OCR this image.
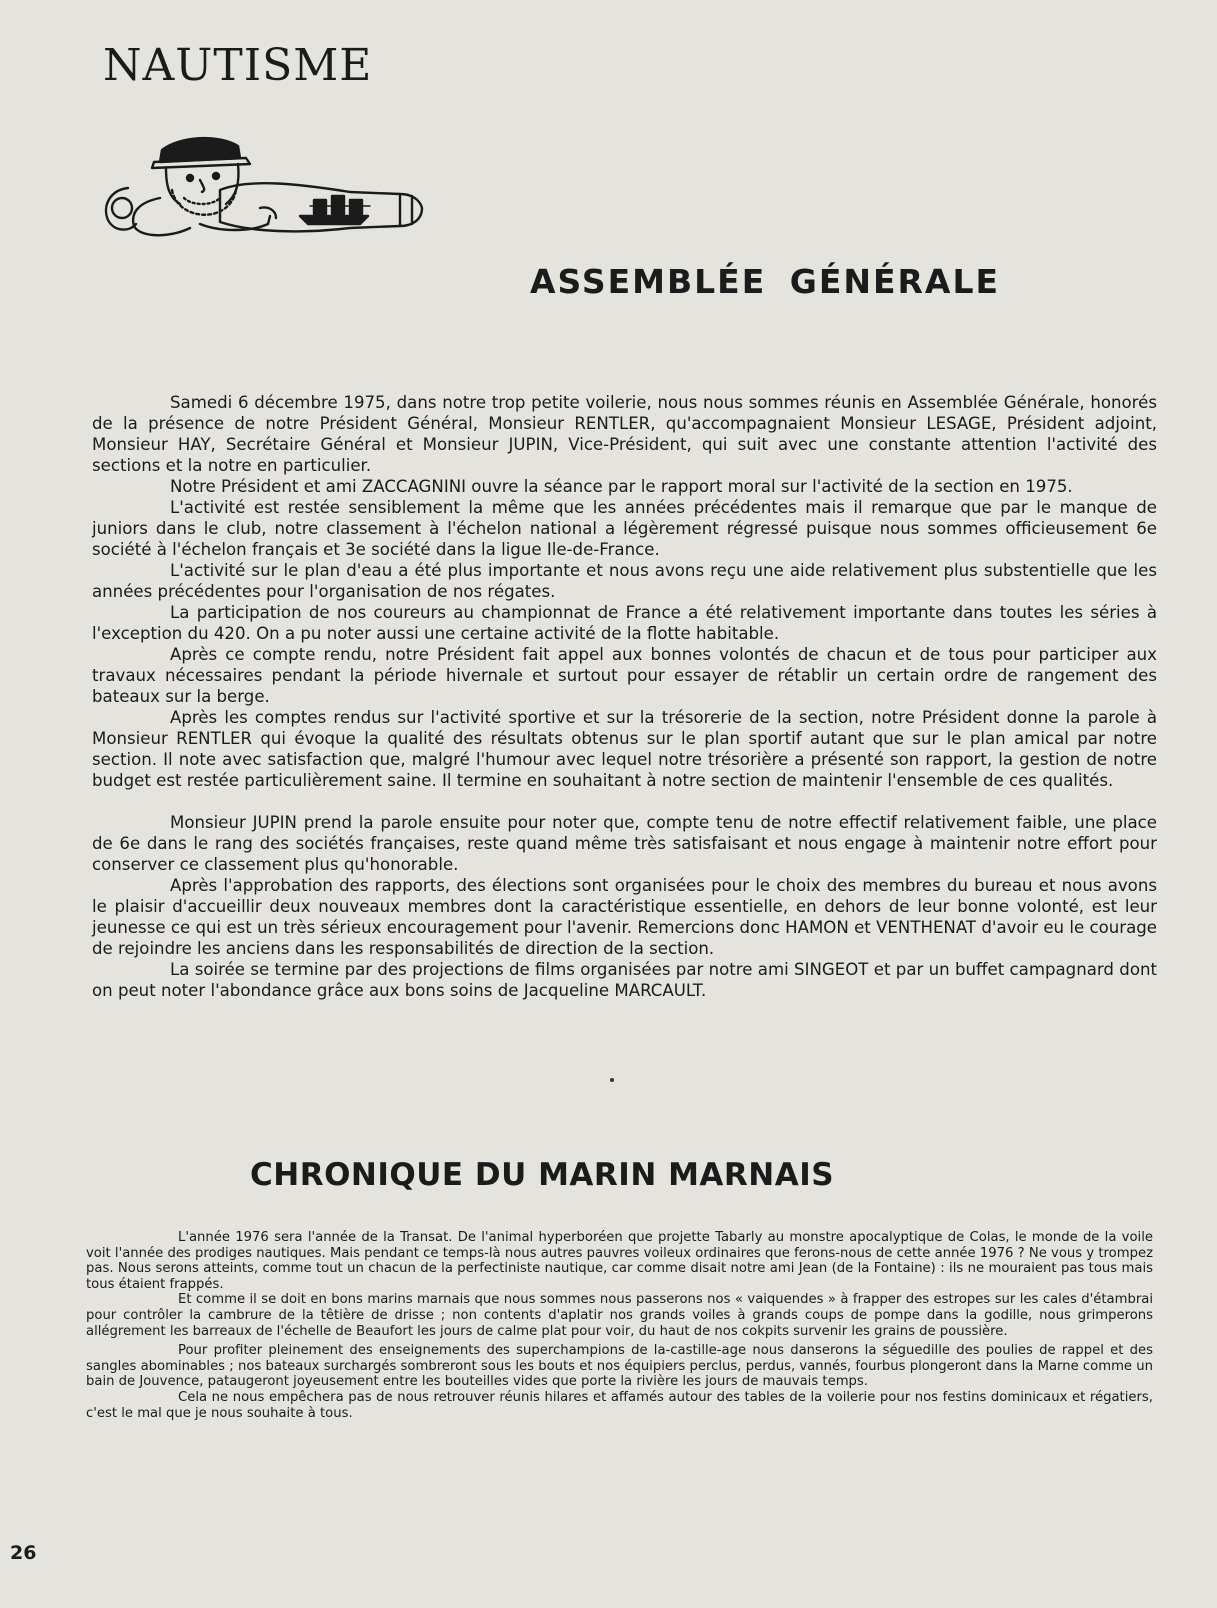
NAUTISME
ASSEMBLÉE GÉNÉRALE

Samedi 6 décembre 1975, dans notre trop petite voilerie, nous nous sommes réunis en Assemblée Générale, honorés de la présence de notre Président Général, Monsieur RENTLER, qu'accompagnaient Monsieur LESAGE, Président adjoint, Monsieur HAY, Secrétaire Général et Monsieur JUPIN, Vice-Président, qui suit avec une constante attention l'activité des sections et la notre en particulier.

Notre Président et ami ZACCAGNINI ouvre la séance par le rapport moral sur l'activité de la section en 1975.

L'activité est restée sensiblement la même que les années précédentes mais il remarque que par le manque de juniors dans le club, notre classement à l'échelon national a légèrement régressé puisque nous sommes officieusement 6e société à l'échelon français et 3e société dans la ligue Ile-de-France.

L'activité sur le plan d'eau a été plus importante et nous avons reçu une aide relativement plus substentielle que les années précédentes pour l'organisation de nos régates.

La participation de nos coureurs au championnat de France a été relativement importante dans toutes les séries à l'exception du 420. On a pu noter aussi une certaine activité de la flotte habitable.

Après ce compte rendu, notre Président fait appel aux bonnes volontés de chacun et de tous pour participer aux travaux nécessaires pendant la période hivernale et surtout pour essayer de rétablir un certain ordre de rangement des bateaux sur la berge.

Après les comptes rendus sur l'activité sportive et sur la trésorerie de la section, notre Président donne la parole à Monsieur RENTLER qui évoque la qualité des résultats obtenus sur le plan sportif autant que sur le plan amical par notre section. Il note avec satisfaction que, malgré l'humour avec lequel notre trésorière a présenté son rapport, la gestion de notre budget est restée particulièrement saine. Il termine en souhaitant à notre section de maintenir l'ensemble de ces qualités.

Monsieur JUPIN prend la parole ensuite pour noter que, compte tenu de notre effectif relativement faible, une place de 6e dans le rang des sociétés françaises, reste quand même très satisfaisant et nous engage à maintenir notre effort pour conserver ce classement plus qu'honorable.

Après l'approbation des rapports, des élections sont organisées pour le choix des membres du bureau et nous avons le plaisir d'accueillir deux nouveaux membres dont la caractéristique essentielle, en dehors de leur bonne volonté, est leur jeunesse ce qui est un très sérieux encouragement pour l'avenir. Remercions donc HAMON et VENTHENAT d'avoir eu le courage de rejoindre les anciens dans les responsabilités de direction de la section.

La soirée se termine par des projections de films organisées par notre ami SINGEOT et par un buffet campagnard dont on peut noter l'abondance grâce aux bons soins de Jacqueline MARCAULT.

CHRONIQUE DU MARIN MARNAIS

L'année 1976 sera l'année de la Transat. De l'animal hyperboréen que projette Tabarly au monstre apocalyptique de Colas, le monde de la voile voit l'année des prodiges nautiques. Mais pendant ce temps-là nous autres pauvres voileux ordinaires que ferons-nous de cette année 1976 ? Ne vous y trompez pas. Nous serons atteints, comme tout un chacun de la perfectiniste nautique, car comme disait notre ami Jean (de la Fontaine) : ils ne mouraient pas tous mais tous étaient frappés.

Et comme il se doit en bons marins marnais que nous sommes nous passerons nos « vaiquendes » à frapper des estropes sur les cales d'étambrai pour contrôler la cambrure de la têtière de drisse ; non contents d'aplatir nos grands voiles à grands coups de pompe dans la godille, nous grimperons allégrement les barreaux de l'échelle de Beaufort les jours de calme plat pour voir, du haut de nos cokpits survenir les grains de poussière.

Pour profiter pleinement des enseignements des superchampions de la-castille-age nous danserons la séguedille des poulies de rappel et des sangles abominables ; nos bateaux surchargés sombreront sous les bouts et nos équipiers perclus, perdus, vannés, fourbus plongeront dans la Marne comme un bain de Jouvence, pataugeront joyeusement entre les bouteilles vides que porte la rivière les jours de mauvais temps.

Cela ne nous empêchera pas de nous retrouver réunis hilares et affamés autour des tables de la voilerie pour nos festins dominicaux et régatiers, c'est le mal que je nous souhaite à tous.

26
